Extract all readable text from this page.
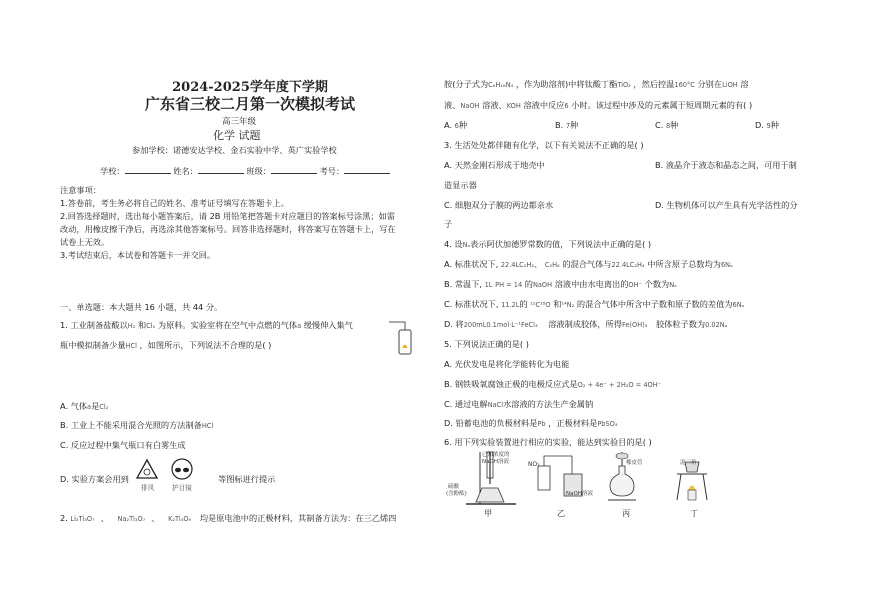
2024-2025学年度下学期
广东省三校二月第一次模拟考试
高三年级
化学 试题
参加学校：诺德安达学校、金石实验中学、英广实验学校
学校：	姓名：	班级：	考号：
注意事项：
1.答卷前，考生务必将自己的姓名、准考证号填写在答题卡上。
2.回答选择题时，选出每小题答案后，请 2B 用铅笔把答题卡对应题目的答案标号涂黑；如需
改动，用橡皮擦干净后，再选涂其他答案标号。回答非选择题时，将答案写在答题卡上，写在
试卷上无效。
3.考试结束后，本试卷和答题卡一并交回。
一、单选题：本大题共 16 小题，共 44 分。
1. 工业制备盐酸以H₂ 和Cl₂ 为原料。实验室将在空气中点燃的气体a 缓慢伸入集气
瓶中模拟制备少量HCl ，如图所示，下列说法不合理的是( )
A. 气体a是Cl₂
B. 工业上不能采用混合光照的方法制备HCl
C. 反应过程中集气瓶口有白雾生成
D. 实验方案会用到	等图标进行提示
排风	护目镜
2. Li₂Ti₃O₇ 、 Na₂Ti₃O₇ 、 K₂Ti₄O₉ 均是原电池中的正极材料，其制备方法为：在三乙烯四
胺(分子式为C₆H₁₈N₄ ，作为助溶剂)中将钛酸丁酯TiO₂ ，然后控温160°C 分别在LiOH 溶
液、NaOH 溶液、KOH 溶液中反应6 小时。该过程中涉及的元素属于短周期元素的有( )
A. 6种	B. 7种	C. 8种	D. 9种
3. 生活处处都伴随有化学，以下有关说法不正确的是( )
A. 天然金刚石形成于地壳中	B. 液晶介于液态和晶态之间，可用于制
造显示器
C. 细胞双分子膜的两边都亲水	D. 生物机体可以产生具有光学活性的分
子
4. 设Nₐ表示阿伏加德罗常数的值，下列说法中正确的是( )
A. 标准状况下, 22.4LC₂H₂、 C₂H₆ 的混合气体与22.4LC₂H₄ 中所含原子总数均为6Nₐ
B. 常温下, 1L PH = 14 的NaOH 溶液中由水电离出的OH⁻ 个数为Nₐ
C. 标准状况下, 11.2L的 ¹²C¹⁸O 和¹⁴N₂ 的混合气体中所含中子数和原子数的差值为6Nₐ
D. 将200mL0.1mol·L⁻¹FeCl₃ 溶液制成胶体，所得Fe(OH)₃ 胶体粒子数为0.02Nₐ
5. 下列说法正确的是( )
A. 光伏发电是将化学能转化为电能
B. 钢铁吸氧腐蚀正极的电极反应式是O₂ + 4e⁻ + 2H₂O = 4OH⁻
C. 通过电解NaCl水溶液的方法生产金属钠
D. 铅蓄电池的负极材料是Pb ，正极材料是PbSO₄
6. 用下列实验装置进行相应的实验，能达到实验目的是( )
已知浓度的
NaOH溶液
硫酸
(含酚酞)
NO₂
NaOH溶液
橡皮管	泥三角
甲	乙	丙	丁
